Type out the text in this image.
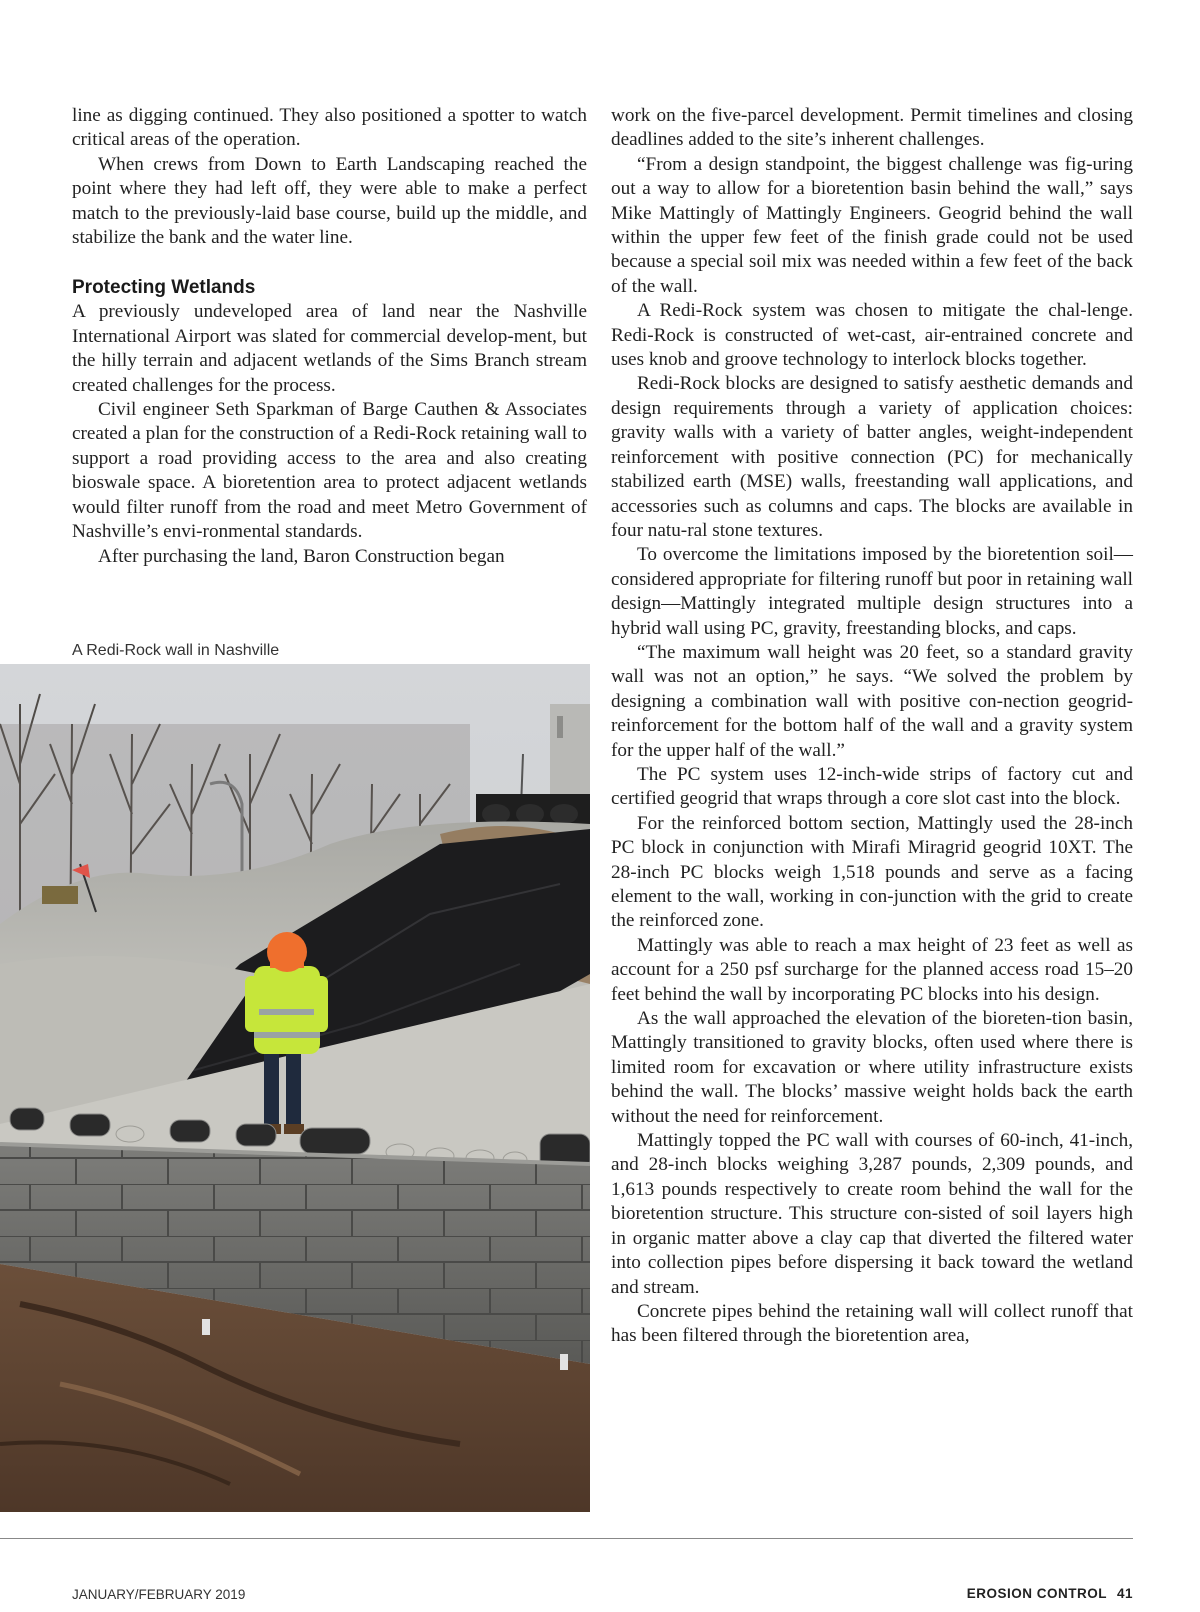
line as digging continued. They also positioned a spotter to watch critical areas of the operation.

When crews from Down to Earth Landscaping reached the point where they had left off, they were able to make a perfect match to the previously-laid base course, build up the middle, and stabilize the bank and the water line.

Protecting Wetlands

A previously undeveloped area of land near the Nashville International Airport was slated for commercial develop-ment, but the hilly terrain and adjacent wetlands of the Sims Branch stream created challenges for the process.

Civil engineer Seth Sparkman of Barge Cauthen & Associates created a plan for the construction of a Redi-Rock retaining wall to support a road providing access to the area and also creating bioswale space. A bioretention area to protect adjacent wetlands would filter runoff from the road and meet Metro Government of Nashville’s envi-ronmental standards.

After purchasing the land, Baron Construction began

A Redi-Rock wall in Nashville

work on the five-parcel development. Permit timelines and closing deadlines added to the site’s inherent challenges.

“From a design standpoint, the biggest challenge was fig-uring out a way to allow for a bioretention basin behind the wall,” says Mike Mattingly of Mattingly Engineers. Geogrid behind the wall within the upper few feet of the finish grade could not be used because a special soil mix was needed within a few feet of the back of the wall.

A Redi-Rock system was chosen to mitigate the chal-lenge. Redi-Rock is constructed of wet-cast, air-entrained concrete and uses knob and groove technology to interlock blocks together.

Redi-Rock blocks are designed to satisfy aesthetic demands and design requirements through a variety of application choices: gravity walls with a variety of batter angles, weight-independent reinforcement with positive connection (PC) for mechanically stabilized earth (MSE) walls, freestanding wall applications, and accessories such as columns and caps. The blocks are available in four natu-ral stone textures.

To overcome the limitations imposed by the bioretention soil—considered appropriate for filtering runoff but poor in retaining wall design—Mattingly integrated multiple design structures into a hybrid wall using PC, gravity, freestanding blocks, and caps.

“The maximum wall height was 20 feet, so a standard gravity wall was not an option,” he says. “We solved the problem by designing a combination wall with positive con-nection geogrid-reinforcement for the bottom half of the wall and a gravity system for the upper half of the wall.”

The PC system uses 12-inch-wide strips of factory cut and certified geogrid that wraps through a core slot cast into the block.

For the reinforced bottom section, Mattingly used the 28-inch PC block in conjunction with Mirafi Miragrid geogrid 10XT. The 28-inch PC blocks weigh 1,518 pounds and serve as a facing element to the wall, working in con-junction with the grid to create the reinforced zone.

Mattingly was able to reach a max height of 23 feet as well as account for a 250 psf surcharge for the planned access road 15–20 feet behind the wall by incorporating PC blocks into his design.

As the wall approached the elevation of the bioreten-tion basin, Mattingly transitioned to gravity blocks, often used where there is limited room for excavation or where utility infrastructure exists behind the wall. The blocks’ massive weight holds back the earth without the need for reinforcement.

Mattingly topped the PC wall with courses of 60-inch, 41-inch, and 28-inch blocks weighing 3,287 pounds, 2,309 pounds, and 1,613 pounds respectively to create room behind the wall for the bioretention structure. This structure con-sisted of soil layers high in organic matter above a clay cap that diverted the filtered water into collection pipes before dispersing it back toward the wetland and stream.

Concrete pipes behind the retaining wall will collect runoff that has been filtered through the bioretention area,

JANUARY/FEBRUARY 2019	EROSION CONTROL 41
